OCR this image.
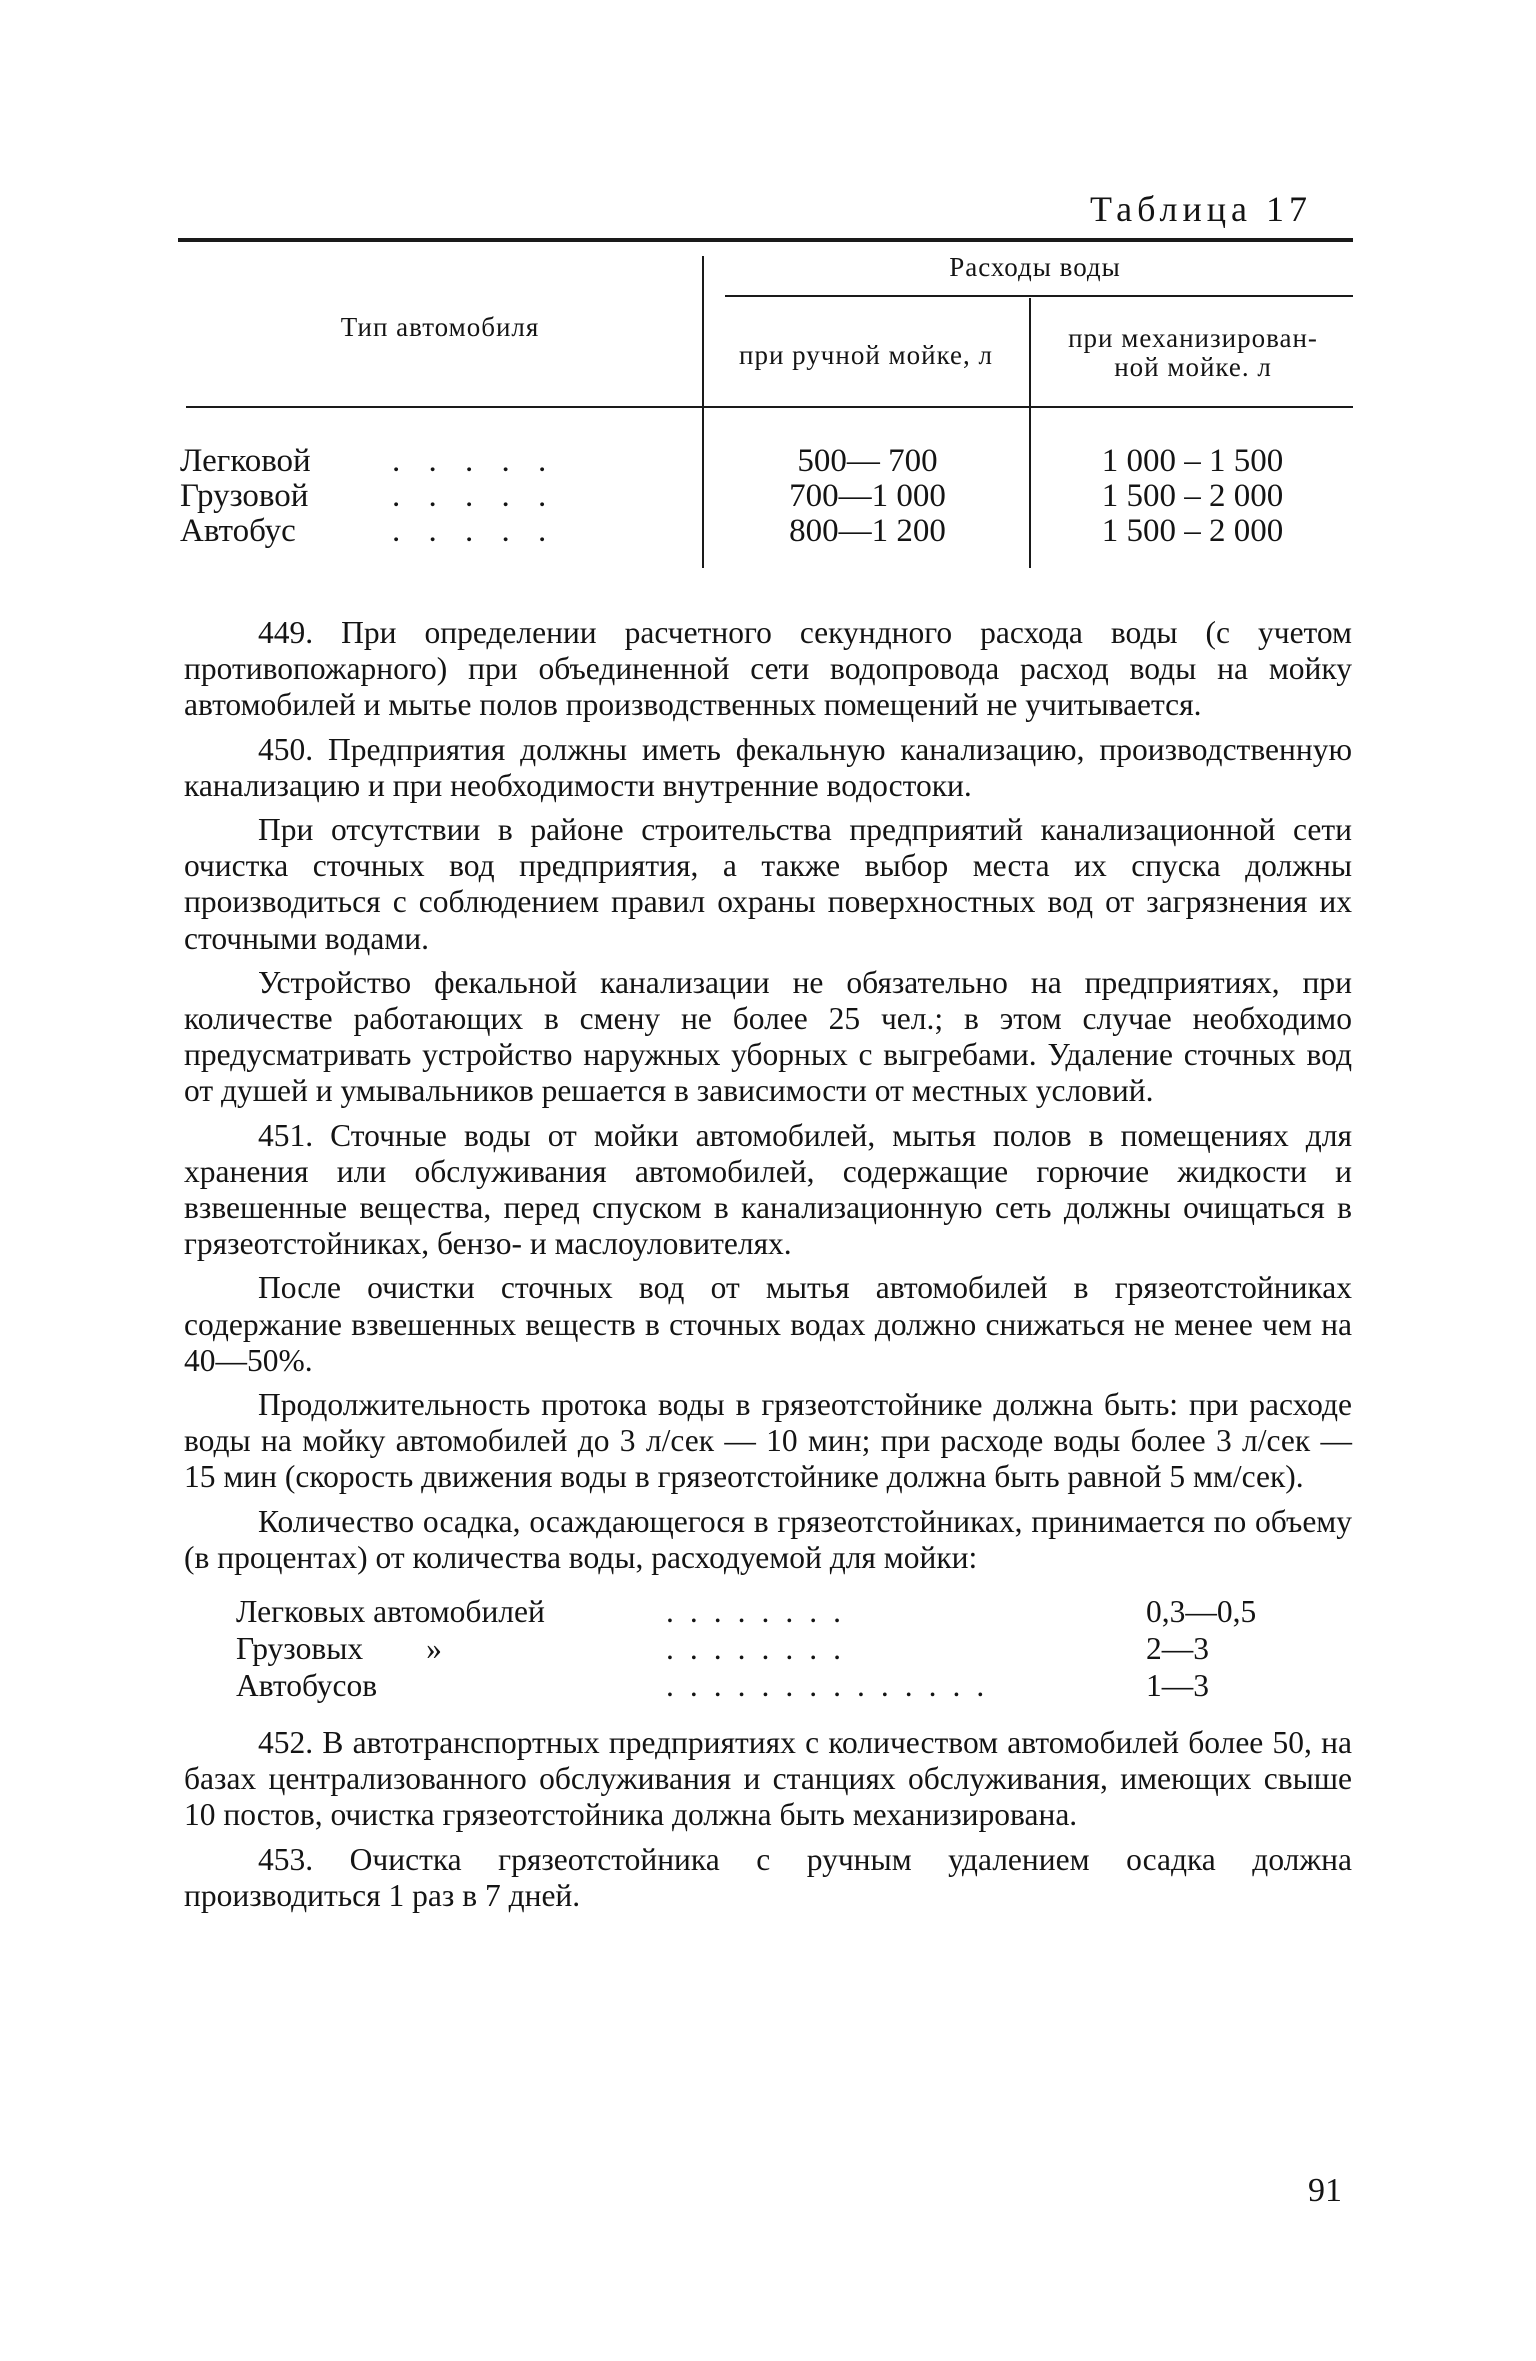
Таблица 17
Тип автомобиля
Расходы воды
при ручной мойке, л
при механизирован-
ной мойке. л
Легковой . . . . .	500— 700	1 000 – 1 500
Грузовой	. . . . .	700—1 000	1 500 – 2 000
Автобус	. . . . .	800—1 200	1 500 – 2 000

449. При определении расчетного секундного расхода воды (с учетом противопожарного) при объединенной сети водопровода расход воды на мойку автомобилей и мытье полов производственных помещений не учитывается.

450. Предприятия должны иметь фекальную канализацию, производственную канализацию и при необходимости внутренние водостоки.

При отсутствии в районе строительства предприятий канализационной сети очистка сточных вод предприятия, а также выбор места их спуска должны производиться с соблюдением правил охраны поверхностных вод от загрязнения их сточными водами.

Устройство фекальной канализации не обязательно на предприятиях, при количестве работающих в смену не более 25 чел.; в этом случае необходимо предусматривать устройство наружных уборных с выгребами. Удаление сточных вод от душей и умывальников решается в зависимости от местных условий.

451. Сточные воды от мойки автомобилей, мытья полов в помещениях для хранения или обслуживания автомобилей, содержащие горючие жидкости и взвешенные вещества, перед спуском в канализационную сеть должны очищаться в грязеотстойниках, бензо- и маслоуловителях.

После очистки сточных вод от мытья автомобилей в грязеотстойниках содержание взвешенных веществ в сточных водах должно снижаться не менее чем на 40—50%.

Продолжительность протока воды в грязеотстойнике должна быть: при расходе воды на мойку автомобилей до 3 л/сек — 10 мин; при расходе воды более 3 л/сек — 15 мин (скорость движения воды в грязеотстойнике должна быть равной 5 мм/сек).

Количество осадка, осаждающегося в грязеотстойниках, принимается по объему (в процентах) от количества воды, расходуемой для мойки:

Легковых автомобилей	........	0,3—0,5
Грузовых        »	........	2—3
Автобусов	..............	1—3

452. В автотранспортных предприятиях с количеством автомобилей более 50, на базах централизованного обслуживания и станциях обслуживания, имеющих свыше 10 постов, очистка грязеотстойника должна быть механизирована.

453. Очистка грязеотстойника с ручным удалением осадка должна производиться 1 раз в 7 дней.

91
